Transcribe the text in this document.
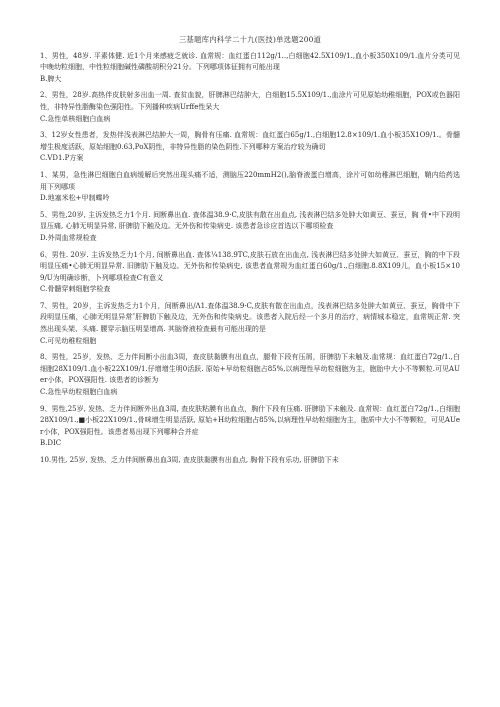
三基题库内科学二十九(医技)单选题200道

1、男性，48岁. 平素体健. 近1个月来感疲乏就诊. 血常规：血红蛋白112g/1..,白细胞42.5X109/1.,血小板350X109/1.血片分类可见中晚幼粒细胞，中性粒细胞碱性磷酸胡积分21分。下列哪项体征拥有可能出现

B.脾大

2、男性，28岁.高热伴皮肤射多出血一周. 查贫血貌，肝脾淋巴结肿大，白细胞15.5X109/1.,血涂片可见原始幼稚细胞，POX或色器阳性，非特异性脂酶染色强阳性。下列播种疾病Urffe性呆大

C.急性单核细胞白血病

3、12岁女性患者，发热伴浅表淋巴结肿大一周，胸骨有压痛. 血常规：血红蛋白65g/1.,白细胞12.8×109/1.血小板35X1O9/1.。骨髓增生极度活跃，原始细胞0.63,PoX阴性，非特异性脂的染色阴性.下列哪种方案治疗较为确切

C.VD1.P方案

1、某男，急性淋巴细胞白血病缓解后突然出现头痛不适，测脑压220mmH2(),脑脊液蛋白增高，涂片可如幼稚淋巴细胞，鞘内给药选用下列哪项

D.地塞米松+甲制蝶呤

5、男性,20岁, 主诉发热乏力1个月. 间断鼻出血. 查体温38.9·C,皮肤有散在出血点, 浅表淋巴结多处肿大如黄豆、蚕豆，胸 骨•中下段明显压痛, 心肺无明显异常, 肝脾肋下触及边。无外伤和传染病史. 该患者急诊应首选以下哪项检查

D.外周血常规检查

6、男性. 20岁. 主诉发热乏力1个月, 间断鼻出血. 查体¼138.9TC,皮肤石放在出血点, 浅表淋巴结多处肿大如黄豆、蚕豆，胸的中下段明显压痛•心肺无明显异常. 旧脾肋下触及边。无外伤和传染病史, 该患者血常规为血红蛋白60g/1.,白细胞.8.8X109儿，血小板15×109/U为明确诊断，卜列哪项检查C有意义

C.骨髓穿刺细胞学检查

7、男性，20岁，主诉发热乏力1个月，间断鼻出/Λ1.查体温38.9·C,皮肤有散在出血点，浅表淋巴结多处肿大如黄豆、蚕豆，胸骨中下段明显压痛，心肺无明显异常″肝脾肋下触及边，无外伤和传染病史。该患者入院后经一个多月的治疗，病情城本稳定，血常规正常. 突然出现头架、头痛. 腰穿示脑压明显增高. 其脑脊液检查最有可能出现的是

C.可见幼稚粒细胞

8、男性，25岁，发热、乏力伴间断小出血3周，查皮肤黏膜有出血点，腿骨下段有压屑，肝脾肋下未触及.血常规：血红蛋白72g/1.,白细胞28X109/1.血小板22X109/1.仔增增生明0活跃. 原始+早幼粒细胞占85%,以病理性早幼粒细胞为主，胞胎中大小不等颗粒.可见AUer小体，POX强阳性. 该患者的诊断为

C.急性早幼粒细胞白血病

9、男性,25岁, 发热、乏力伴间断外出血3周, 查皮肤粘膜有出血点，胸什下段有压痛. 肝脾肋下未触及. 血常规：血红蛋白72g/1.,白细胞28X109/1.,■小板22X109/1.,骨咪增生明显活跃, 原始+H幼粒细胞占85%,以病理性早幼粒细胞为主，胞质中大小不等颗粒，可见AUer小体，POX强阳性。该患者易出现下列哪种合并症

B.DIC

10.男性, 25岁, 发热、乏力伴间断鼻出血3周, 查皮肤黏膜有出血点, 胸骨下段有乐功, 肝脾肋下未
